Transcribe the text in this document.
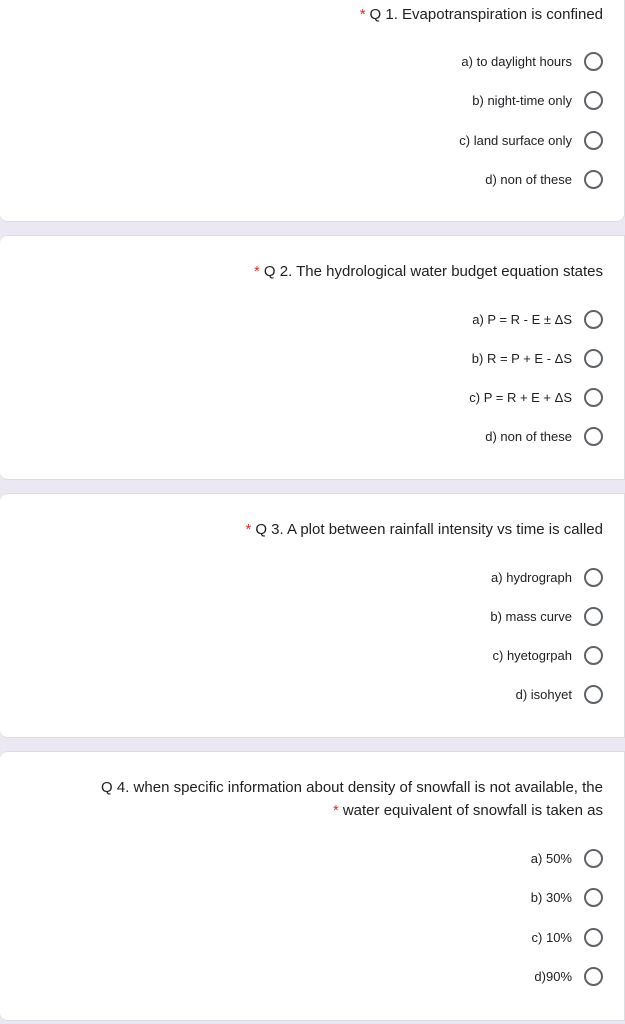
* Q 1. Evapotranspiration is confined
a) to daylight hours
b) night-time only
c) land surface only
d) non of these
* Q 2. The hydrological water budget equation states
a) P = R - E ± ΔS
b) R = P + E - ΔS
c) P = R + E + ΔS
d) non of these
* Q 3. A plot between rainfall intensity vs time is called
a) hydrograph
b) mass curve
c) hyetogrpah
d) isohyet
Q 4. when specific information about density of snowfall is not available, the
* water equivalent of snowfall is taken as
a) 50%
b) 30%
c) 10%
d)90%
